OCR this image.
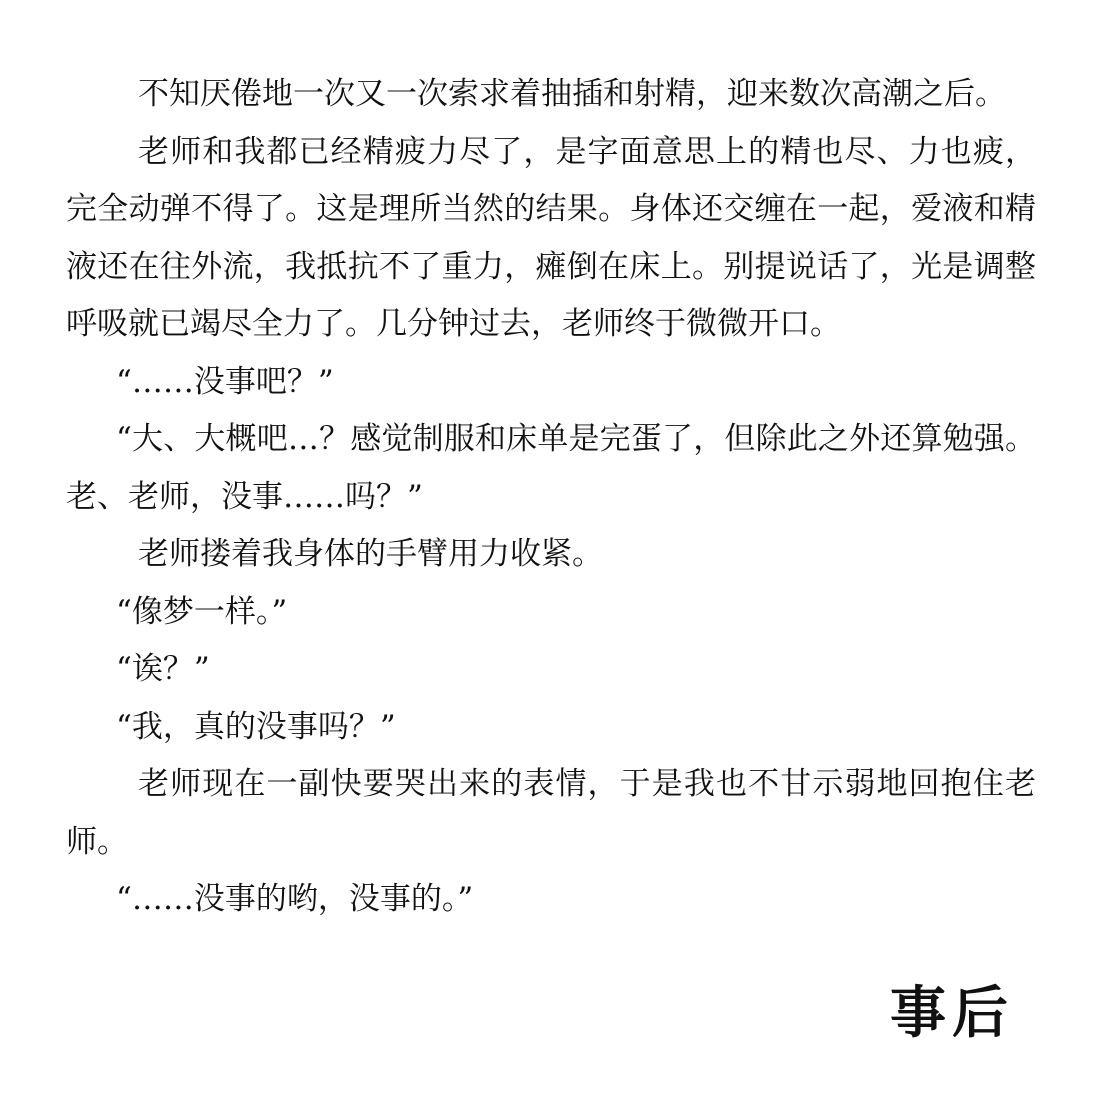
不知厌倦地一次又一次索求着抽插和射精，迎来数次高潮之后。

老师和我都已经精疲力尽了，是字面意思上的精也尽、力也疲，完全动弹不得了。这是理所当然的结果。身体还交缠在一起，爱液和精液还在往外流，我抵抗不了重力，瘫倒在床上。别提说话了，光是调整呼吸就已竭尽全力了。几分钟过去，老师终于微微开口。

“……没事吧？”

“大、大概吧…？感觉制服和床单是完蛋了，但除此之外还算勉强。老、老师，没事……吗？”

老师搂着我身体的手臂用力收紧。

“像梦一样。”

“诶？”

“我，真的没事吗？”

老师现在一副快要哭出来的表情，于是我也不甘示弱地回抱住老师。

“……没事的哟，没事的。”

事后
